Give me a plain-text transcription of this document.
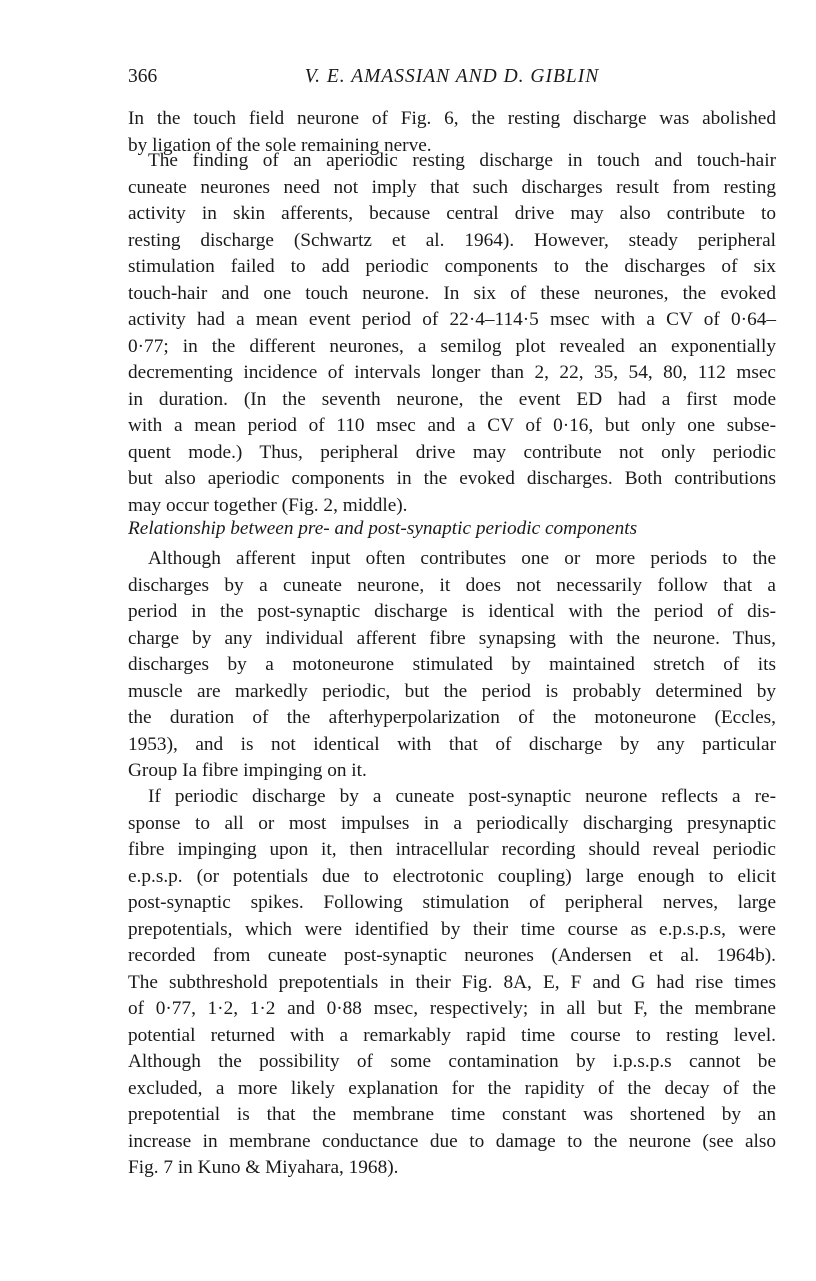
366	V. E. AMASSIAN AND D. GIBLIN
In the touch field neurone of Fig. 6, the resting discharge was abolished
by ligation of the sole remaining nerve.
The finding of an aperiodic resting discharge in touch and touch-hair
cuneate neurones need not imply that such discharges result from resting
activity in skin afferents, because central drive may also contribute to
resting discharge (Schwartz et al. 1964). However, steady peripheral
stimulation failed to add periodic components to the discharges of six
touch-hair and one touch neurone. In six of these neurones, the evoked
activity had a mean event period of 22·4–114·5 msec with a CV of 0·64–
0·77; in the different neurones, a semilog plot revealed an exponentially
decrementing incidence of intervals longer than 2, 22, 35, 54, 80, 112 msec
in duration. (In the seventh neurone, the event ED had a first mode
with a mean period of 110 msec and a CV of 0·16, but only one subse-
quent mode.) Thus, peripheral drive may contribute not only periodic
but also aperiodic components in the evoked discharges. Both contributions
may occur together (Fig. 2, middle).
Relationship between pre- and post-synaptic periodic components
Although afferent input often contributes one or more periods to the
discharges by a cuneate neurone, it does not necessarily follow that a
period in the post-synaptic discharge is identical with the period of dis-
charge by any individual afferent fibre synapsing with the neurone. Thus,
discharges by a motoneurone stimulated by maintained stretch of its
muscle are markedly periodic, but the period is probably determined by
the duration of the afterhyperpolarization of the motoneurone (Eccles,
1953), and is not identical with that of discharge by any particular
Group Ia fibre impinging on it.
If periodic discharge by a cuneate post-synaptic neurone reflects a re-
sponse to all or most impulses in a periodically discharging presynaptic
fibre impinging upon it, then intracellular recording should reveal periodic
e.p.s.p. (or potentials due to electrotonic coupling) large enough to elicit
post-synaptic spikes. Following stimulation of peripheral nerves, large
prepotentials, which were identified by their time course as e.p.s.p.s, were
recorded from cuneate post-synaptic neurones (Andersen et al. 1964b).
The subthreshold prepotentials in their Fig. 8A, E, F and G had rise times
of 0·77, 1·2, 1·2 and 0·88 msec, respectively; in all but F, the membrane
potential returned with a remarkably rapid time course to resting level.
Although the possibility of some contamination by i.p.s.p.s cannot be
excluded, a more likely explanation for the rapidity of the decay of the
prepotential is that the membrane time constant was shortened by an
increase in membrane conductance due to damage to the neurone (see also
Fig. 7 in Kuno & Miyahara, 1968).
